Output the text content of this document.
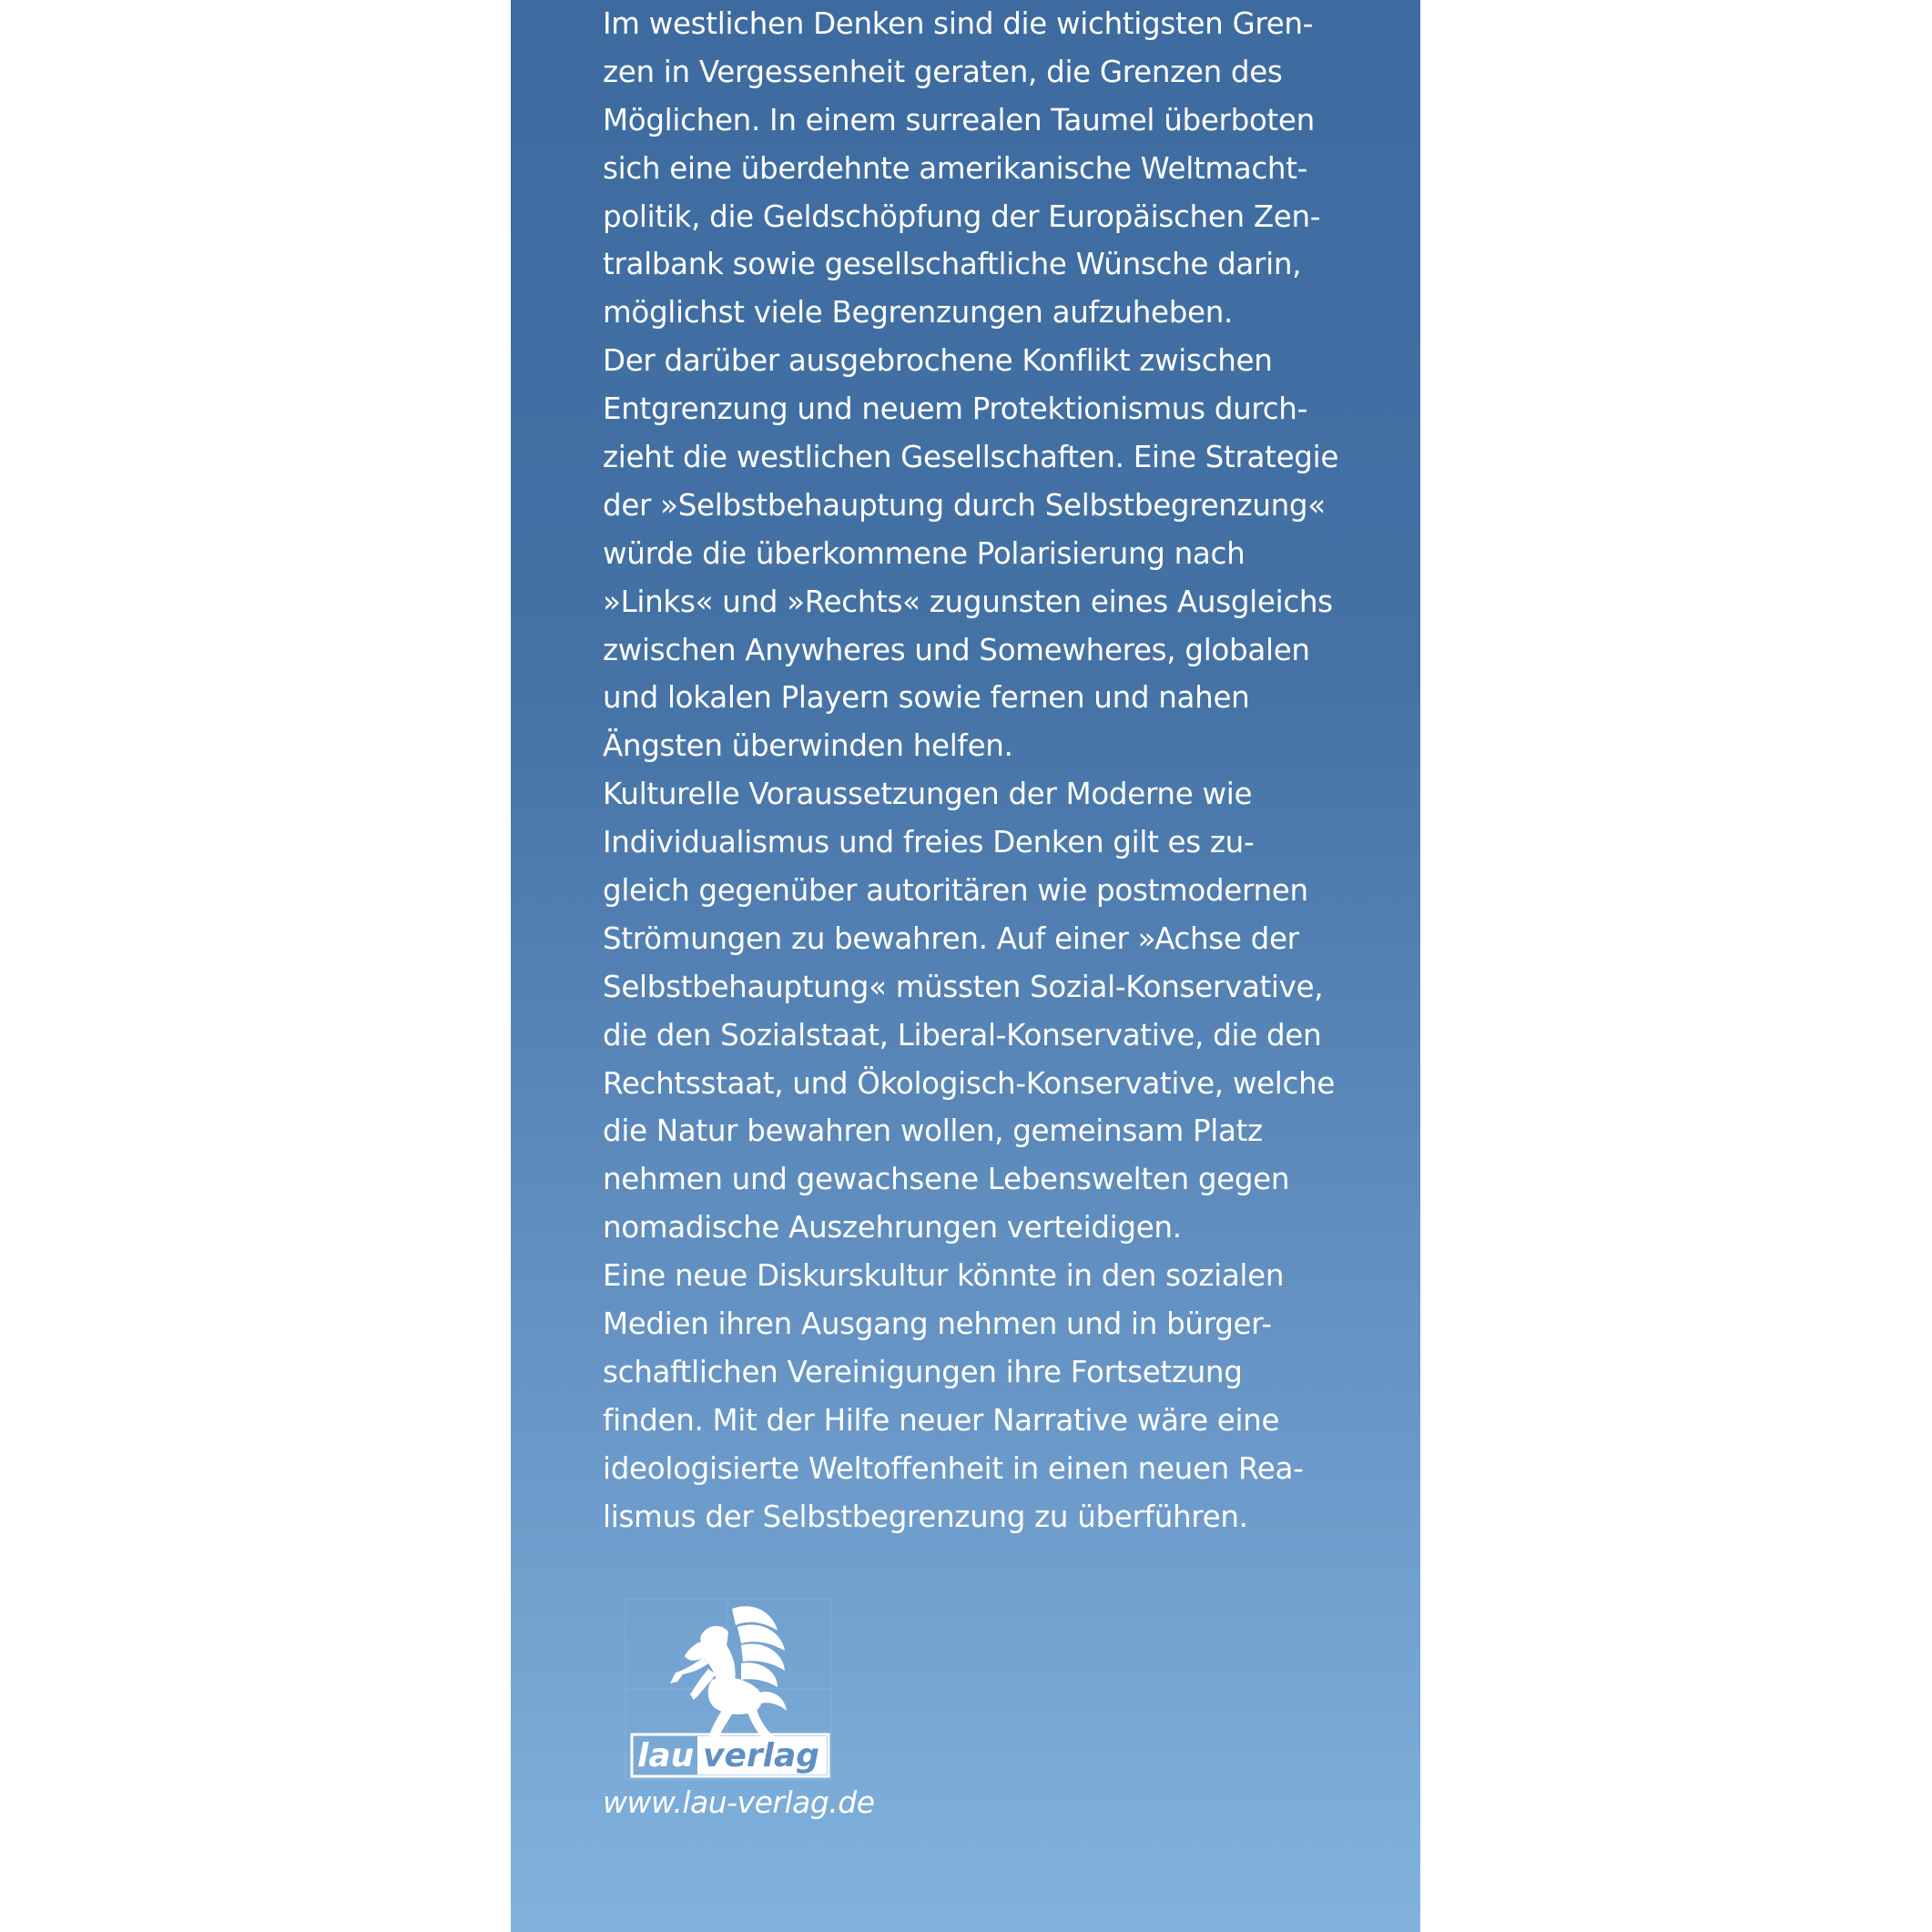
Im westlichen Denken sind die wichtigsten Gren-
zen in Vergessenheit geraten, die Grenzen des
Möglichen. In einem surrealen Taumel überboten
sich eine überdehnte amerikanische Weltmacht-
politik, die Geldschöpfung der Europäischen Zen-
tralbank sowie gesellschaftliche Wünsche darin,
möglichst viele Begrenzungen aufzuheben.
Der darüber ausgebrochene Konflikt zwischen
Entgrenzung und neuem Protektionismus durch-
zieht die westlichen Gesellschaften. Eine Strategie
der »Selbstbehauptung durch Selbstbegrenzung«
würde die überkommene Polarisierung nach
»Links« und »Rechts« zugunsten eines Ausgleichs
zwischen Anywheres und Somewheres, globalen
und lokalen Playern sowie fernen und nahen
Ängsten überwinden helfen.
Kulturelle Voraussetzungen der Moderne wie
Individualismus und freies Denken gilt es zu-
gleich gegenüber autoritären wie postmodernen
Strömungen zu bewahren. Auf einer »Achse der
Selbstbehauptung« müssten Sozial-Konservative,
die den Sozialstaat, Liberal-Konservative, die den
Rechtsstaat, und Ökologisch-Konservative, welche
die Natur bewahren wollen, gemeinsam Platz
nehmen und gewachsene Lebenswelten gegen
nomadische Auszehrungen verteidigen.
Eine neue Diskurskultur könnte in den sozialen
Medien ihren Ausgang nehmen und in bürger-
schaftlichen Vereinigungen ihre Fortsetzung
finden. Mit der Hilfe neuer Narrative wäre eine
ideologisierte Weltoffenheit in einen neuen Rea-
lismus der Selbstbegrenzung zu überführen.
lau verlag
www.lau-verlag.de
